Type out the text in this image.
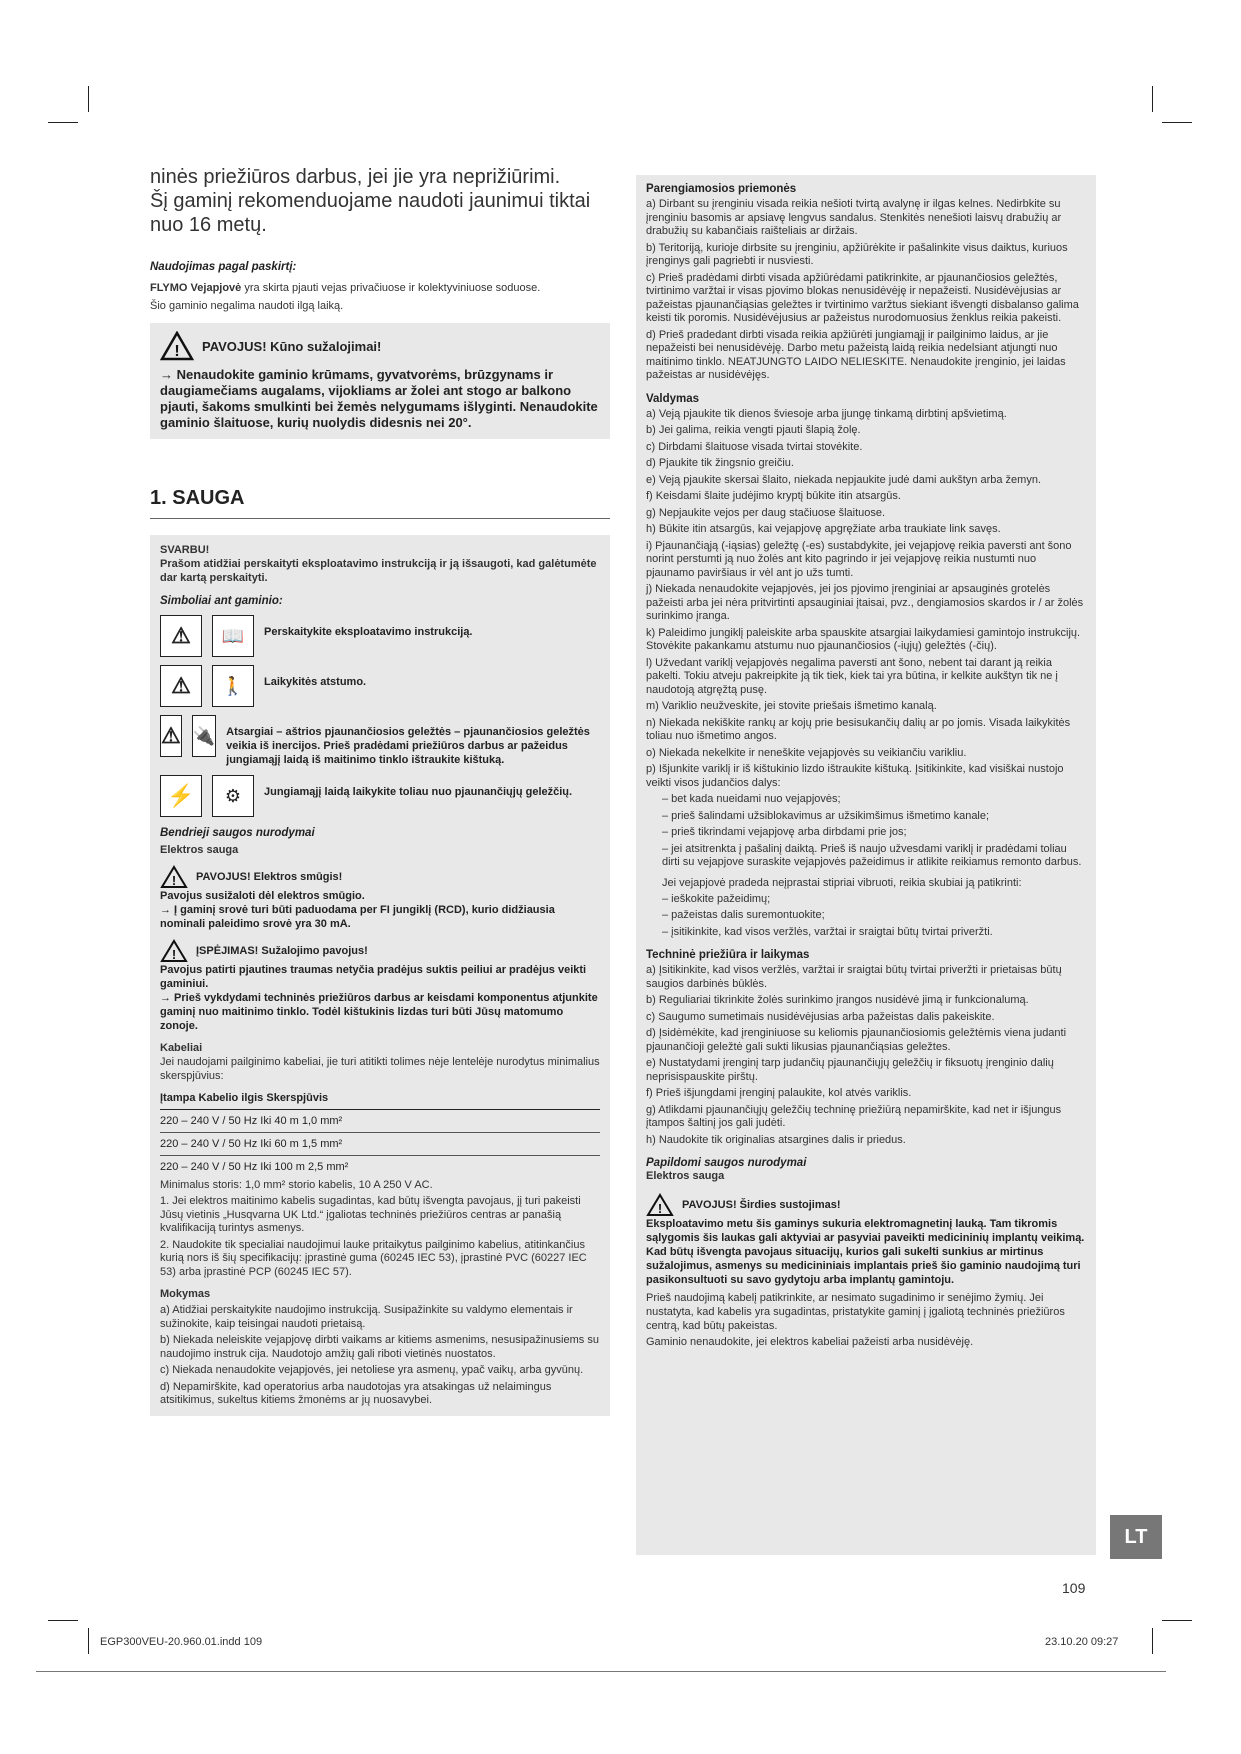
ninės priežiūros darbus, jei jie yra neprižiūrimi.
Šį gaminį rekomenduojame naudoti jaunimui tiktai
nuo 16 metų.
Naudojimas pagal paskirtį:
FLYMO Vejapjovė yra skirta pjauti vejas privačiuose ir kolektyviniuose soduose.
Šio gaminio negalima naudoti ilgą laiką.
! PAVOJUS! Kūno sužalojimai!
→ Nenaudokite gaminio krūmams, gyvatvorėms, brūzgynams ir daugiamečiams augalams, vijokliams ar žolei ant stogo ar balkono pjauti, šakoms smulkinti bei žemės nelygumams išlyginti. Nenaudokite gaminio šlaituose, kurių nuolydis didesnis nei 20°.
1. SAUGA
SVARBU!
Prašom atidžiai perskaityti eksploatavimo instrukciją ir ją išsaugoti, kad galėtumėte dar kartą perskaityti.
Simboliai ant gaminio:
⚠	📖	Perskaitykite eksploatavimo instrukciją.
⚠	🚶	Laikykitės atstumo.
⚠ 🔌 Atsargiai – aštrios pjaunančiosios geležtės – pjaunančiosios geležtės veikia iš inercijos. Prieš pradėdami priežiūros darbus ar pažeidus jungiamąjį laidą iš maitinimo tinklo ištraukite kištuką.
⚡	⚙	Jungiamąjį laidą laikykite toliau nuo pjaunančiųjų geležčių.
Bendrieji saugos nurodymai
Elektros sauga
! PAVOJUS! Elektros smūgis!
Pavojus susižaloti dėl elektros smūgio.
→ Į gaminį srovė turi būti paduodama per FI jungiklį (RCD), kurio didžiausia nominali paleidimo srovė yra 30 mA.
! ĮSPĖJIMAS! Sužalojimo pavojus!
Pavojus patirti pjautines traumas netyčia pradėjus suktis peiliui ar pradėjus veikti gaminiui.
→ Prieš vykdydami techninės priežiūros darbus ar keisdami komponentus atjunkite gaminį nuo maitinimo tinklo. Todėl kištukinis lizdas turi būti Jūsų matomumo zonoje.
Kabeliai
Jei naudojami pailginimo kabeliai, jie turi atitikti tolimes nėje lentelėje nurodytus minimalius skerspjūvius:
Įtampa Kabelio ilgis Skerspjūvis
220 – 240 V / 50 Hz Iki 40 m 1,0 mm²
220 – 240 V / 50 Hz Iki 60 m 1,5 mm²
220 – 240 V / 50 Hz Iki 100 m 2,5 mm²
Minimalus storis: 1,0 mm² storio kabelis, 10 A 250 V AC.
1. Jei elektros maitinimo kabelis sugadintas, kad būtų išvengta pavojaus, jį turi pakeisti Jūsų vietinis „Husqvarna UK Ltd.“ įgaliotas techninės priežiūros centras ar panašią kvalifikaciją turintys asmenys.
2. Naudokite tik specialiai naudojimui lauke pritaikytus pailginimo kabelius, atitinkančius kurią nors iš šių specifikacijų: įprastinė guma (60245 IEC 53), įprastinė PVC (60227 IEC 53) arba įprastinė PCP (60245 IEC 57).
Mokymas
a) Atidžiai perskaitykite naudojimo instrukciją. Susipažinkite su valdymo elementais ir sužinokite, kaip teisingai naudoti prietaisą.
b) Niekada neleiskite vejapjovę dirbti vaikams ar kitiems asmenims, nesusipažinusiems su naudojimo instruk cija. Naudotojo amžių gali riboti vietinės nuostatos.
c) Niekada nenaudokite vejapjovės, jei netoliese yra asmenų, ypač vaikų, arba gyvūnų.
d) Nepamirškite, kad operatorius arba naudotojas yra atsakingas už nelaimingus atsitikimus, sukeltus kitiems žmonėms ar jų nuosavybei.
Parengiamosios priemonės
a) Dirbant su įrenginiu visada reikia nešioti tvirtą avalynę ir ilgas kelnes. Nedirbkite su įrenginiu basomis ar apsiavę lengvus sandalus. Stenkitės nenešioti laisvų drabužių ar drabužių su kabančiais raišteliais ar diržais.
b) Teritoriją, kurioje dirbsite su įrenginiu, apžiūrėkite ir pašalinkite visus daiktus, kuriuos įrenginys gali pagriebti ir nusviesti.
c) Prieš pradėdami dirbti visada apžiūrėdami patikrinkite, ar pjaunančiosios geležtės, tvirtinimo varžtai ir visas pjovimo blokas nenusidėvėję ir nepažeisti. Nusidėvėjusias ar pažeistas pjaunančiąsias geležtes ir tvirtinimo varžtus siekiant išvengti disbalanso galima keisti tik poromis. Nusidėvėjusius ar pažeistus nurodomuosius ženklus reikia pakeisti.
d) Prieš pradedant dirbti visada reikia apžiūrėti jungiamąjį ir pailginimo laidus, ar jie nepažeisti bei nenusidėvėję. Darbo metu pažeistą laidą reikia nedelsiant atjungti nuo maitinimo tinklo. NEATJUNGTO LAIDO NELIESKITE. Nenaudokite įrenginio, jei laidas pažeistas ar nusidėvėjęs.
Valdymas
a) Veją pjaukite tik dienos šviesoje arba įjungę tinkamą dirbtinį apšvietimą.
b) Jei galima, reikia vengti pjauti šlapią žolę.
c) Dirbdami šlaituose visada tvirtai stovėkite.
d) Pjaukite tik žingsnio greičiu.
e) Veją pjaukite skersai šlaito, niekada nepjaukite judė dami aukštyn arba žemyn.
f) Keisdami šlaite judėjimo kryptį būkite itin atsargūs.
g) Nepjaukite vejos per daug stačiuose šlaituose.
h) Būkite itin atsargūs, kai vejapjovę apgręžiate arba traukiate link savęs.
i) Pjaunančiąją (-iąsias) geležtę (-es) sustabdykite, jei vejapjovę reikia paversti ant šono norint perstumti ją nuo žolės ant kito pagrindo ir jei vejapjovę reikia nustumti nuo pjaunamo paviršiaus ir vėl ant jo užs tumti.
j) Niekada nenaudokite vejapjovės, jei jos pjovimo įrenginiai ar apsauginės grotelės pažeisti arba jei nėra pritvirtinti apsauginiai įtaisai, pvz., dengiamosios skardos ir / ar žolės surinkimo įranga.
k) Paleidimo jungiklį paleiskite arba spauskite atsargiai laikydamiesi gamintojo instrukcijų. Stovėkite pakankamu atstumu nuo pjaunančiosios (-iųjų) geležtės (-čių).
l) Užvedant variklį vejapjovės negalima paversti ant šono, nebent tai darant ją reikia pakelti. Tokiu atveju pakreipkite ją tik tiek, kiek tai yra būtina, ir kelkite aukštyn tik ne į naudotoją atgręžtą pusę.
m) Variklio neužveskite, jei stovite priešais išmetimo kanalą.
n) Niekada nekiškite rankų ar kojų prie besisukančių dalių ar po jomis. Visada laikykitės toliau nuo išmetimo angos.
o) Niekada nekelkite ir neneškite vejapjovės su veikiančiu varikliu.
p) Išjunkite variklį ir iš kištukinio lizdo ištraukite kištuką. Įsitikinkite, kad visiškai nustojo veikti visos judančios dalys:
– bet kada nueidami nuo vejapjovės;
– prieš šalindami užsiblokavimus ar užsikimšimus išmetimo kanale;
– prieš tikrindami vejapjovę arba dirbdami prie jos;
– jei atsitrenkta į pašalinį daiktą. Prieš iš naujo užvesdami variklį ir pradėdami toliau dirti su vejapjove suraskite vejapjovės pažeidimus ir atlikite reikiamus remonto darbus.
Jei vejapjovė pradeda neįprastai stipriai vibruoti, reikia skubiai ją patikrinti:
– ieškokite pažeidimų;
– pažeistas dalis suremontuokite;
– įsitikinkite, kad visos veržlės, varžtai ir sraigtai būtų tvirtai priveržti.
Techninė priežiūra ir laikymas
a) Įsitikinkite, kad visos veržlės, varžtai ir sraigtai būtų tvirtai priveržti ir prietaisas būtų saugios darbinės būklės.
b) Reguliariai tikrinkite žolės surinkimo įrangos nusidėvė jimą ir funkcionalumą.
c) Saugumo sumetimais nusidėvėjusias arba pažeistas dalis pakeiskite.
d) Įsidėmėkite, kad įrenginiuose su keliomis pjaunančiosiomis geležtėmis viena judanti pjaunančioji geležtė gali sukti likusias pjaunančiąsias geležtes.
e) Nustatydami įrenginį tarp judančių pjaunančiųjų geležčių ir fiksuotų įrenginio dalių neprisispauskite pirštų.
f) Prieš išjungdami įrenginį palaukite, kol atvės variklis.
g) Atlikdami pjaunančiųjų geležčių techninę priežiūrą nepamirškite, kad net ir išjungus įtampos šaltinį jos gali judėti.
h) Naudokite tik originalias atsargines dalis ir priedus.
Papildomi saugos nurodymai
Elektros sauga
! PAVOJUS! Širdies sustojimas!
Eksploatavimo metu šis gaminys sukuria elektromagnetinį lauką. Tam tikromis sąlygomis šis laukas gali aktyviai ar pasyviai paveikti medicininių implantų veikimą. Kad būtų išvengta pavojaus situacijų, kurios gali sukelti sunkius ar mirtinus sužalojimus, asmenys su medicininiais implantais prieš šio gaminio naudojimą turi pasikonsultuoti su savo gydytoju arba implantų gamintoju.
Prieš naudojimą kabelį patikrinkite, ar nesimato sugadinimo ir senėjimo žymių. Jei nustatyta, kad kabelis yra sugadintas, pristatykite gaminį į įgaliotą techninės priežiūros centrą, kad būtų pakeistas.
Gaminio nenaudokite, jei elektros kabeliai pažeisti arba nusidėvėję.
LT
109
EGP300VEU-20.960.01.indd 109	23.10.20 09:27
